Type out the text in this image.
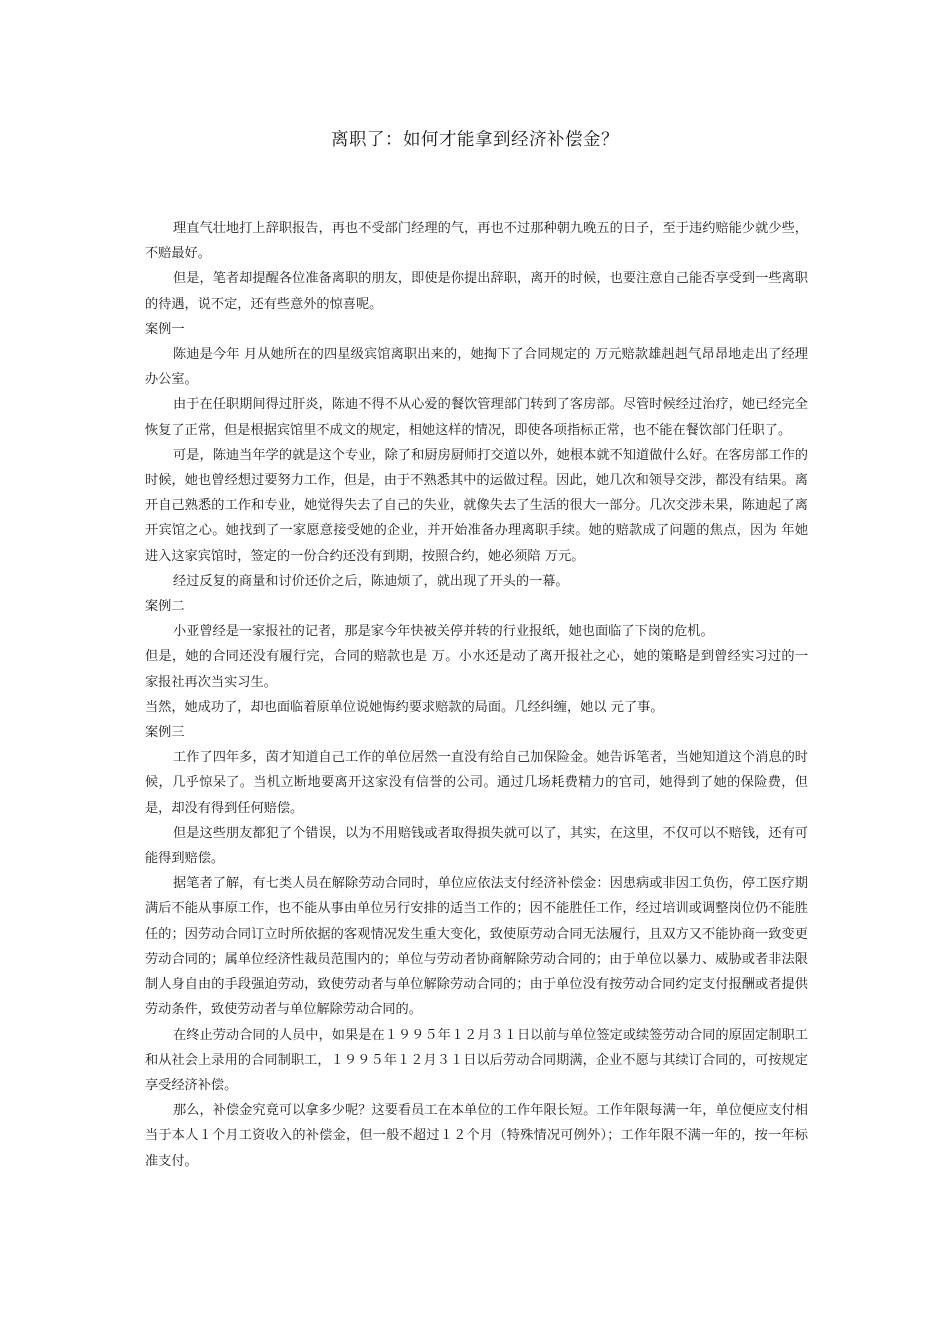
离职了：如何才能拿到经济补偿金？

理直气壮地打上辞职报告，再也不受部门经理的气，再也不过那种朝九晚五的日子，至于违约赔能少就少些，不赔最好。

但是，笔者却提醒各位准备离职的朋友，即使是你提出辞职，离开的时候，也要注意自己能否享受到一些离职的待遇，说不定，还有些意外的惊喜呢。

案例一

陈迪是今年 月从她所在的四星级宾馆离职出来的，她掏下了合同规定的 万元赔款雄赳赳气昂昂地走出了经理办公室。

由于在任职期间得过肝炎，陈迪不得不从心爱的餐饮管理部门转到了客房部。尽管时候经过治疗，她已经完全恢复了正常，但是根据宾馆里不成文的规定，相她这样的情况，即使各项指标正常，也不能在餐饮部门任职了。

可是，陈迪当年学的就是这个专业，除了和厨房厨师打交道以外，她根本就不知道做什么好。在客房部工作的时候，她也曾经想过要努力工作，但是，由于不熟悉其中的运做过程。因此，她几次和领导交涉，都没有结果。离开自己熟悉的工作和专业，她觉得失去了自己的失业，就像失去了生活的很大一部分。几次交涉未果，陈迪起了离开宾馆之心。她找到了一家愿意接受她的企业，并开始准备办理离职手续。她的赔款成了问题的焦点，因为 年她进入这家宾馆时，签定的一份合约还没有到期，按照合约，她必须陪 万元。

经过反复的商量和讨价还价之后，陈迪烦了，就出现了开头的一幕。

案例二

小亚曾经是一家报社的记者，那是家今年快被关停并转的行业报纸，她也面临了下岗的危机。

但是，她的合同还没有履行完，合同的赔款也是 万。小水还是动了离开报社之心，她的策略是到曾经实习过的一家报社再次当实习生。

当然，她成功了，却也面临着原单位说她悔约要求赔款的局面。几经纠缠，她以 元了事。

案例三

工作了四年多，茵才知道自己工作的单位居然一直没有给自己加保险金。她告诉笔者，当她知道这个消息的时候，几乎惊呆了。当机立断地要离开这家没有信誉的公司。通过几场耗费精力的官司，她得到了她的保险费，但是，却没有得到任何赔偿。

但是这些朋友都犯了个错误，以为不用赔钱或者取得损失就可以了，其实，在这里，不仅可以不赔钱，还有可能得到赔偿。

据笔者了解，有七类人员在解除劳动合同时，单位应依法支付经济补偿金：因患病或非因工负伤，停工医疗期满后不能从事原工作，也不能从事由单位另行安排的适当工作的；因不能胜任工作，经过培训或调整岗位仍不能胜任的；因劳动合同订立时所依据的客观情况发生重大变化，致使原劳动合同无法履行，且双方又不能协商一致变更劳动合同的；属单位经济性裁员范围内的；单位与劳动者协商解除劳动合同的；由于单位以暴力、威胁或者非法限制人身自由的手段强迫劳动，致使劳动者与单位解除劳动合同的；由于单位没有按劳动合同约定支付报酬或者提供劳动条件，致使劳动者与单位解除劳动合同的。

在终止劳动合同的人员中，如果是在１９９５年１２月３１日以前与单位签定或续签劳动合同的原固定制职工和从社会上录用的合同制职工，１９９５年１２月３１日以后劳动合同期满，企业不愿与其续订合同的，可按规定享受经济补偿。

那么，补偿金究竟可以拿多少呢？这要看员工在本单位的工作年限长短。工作年限每满一年，单位便应支付相当于本人１个月工资收入的补偿金，但一般不超过１２个月（特殊情况可例外）；工作年限不满一年的，按一年标准支付。
